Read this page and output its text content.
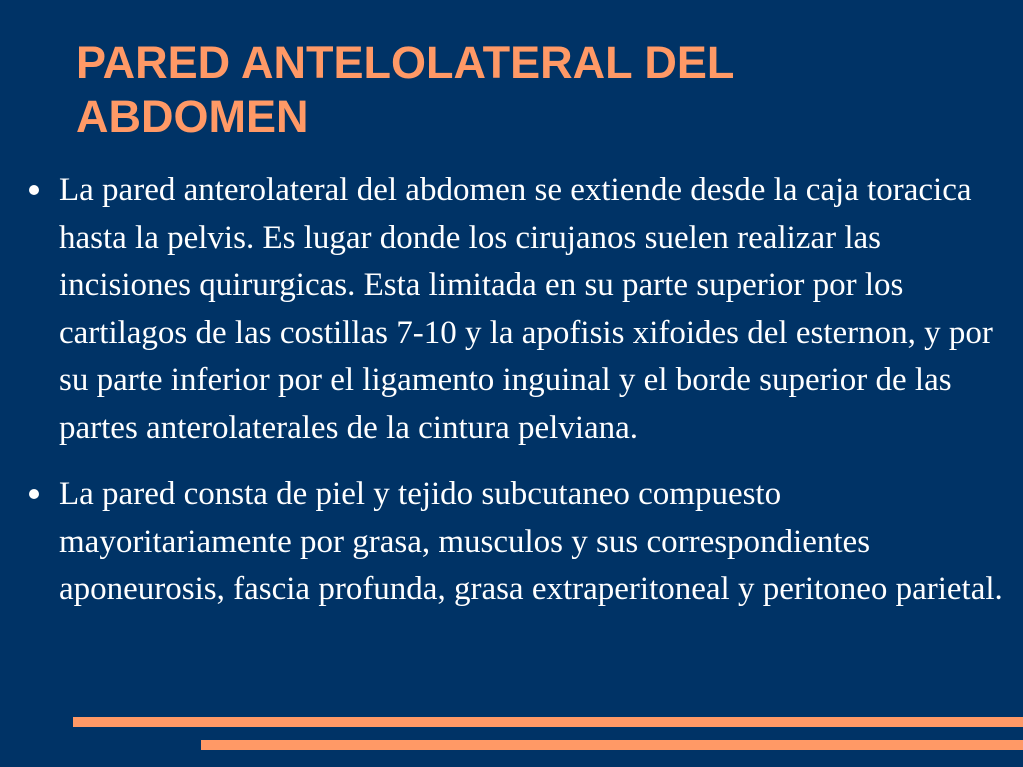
PARED ANTELOLATERAL DEL
ABDOMEN
La pared anterolateral del abdomen se extiende desde la caja toracica hasta la pelvis. Es lugar donde los cirujanos suelen realizar las incisiones quirurgicas. Esta limitada en su parte superior por los cartilagos de las costillas 7-10 y la apofisis xifoides del esternon, y por su parte inferior por el ligamento inguinal y el borde superior de las partes anterolaterales de la cintura pelviana.
La pared consta de piel y tejido subcutaneo compuesto mayoritariamente por grasa, musculos y sus correspondientes aponeurosis, fascia profunda, grasa extraperitoneal y peritoneo parietal.
